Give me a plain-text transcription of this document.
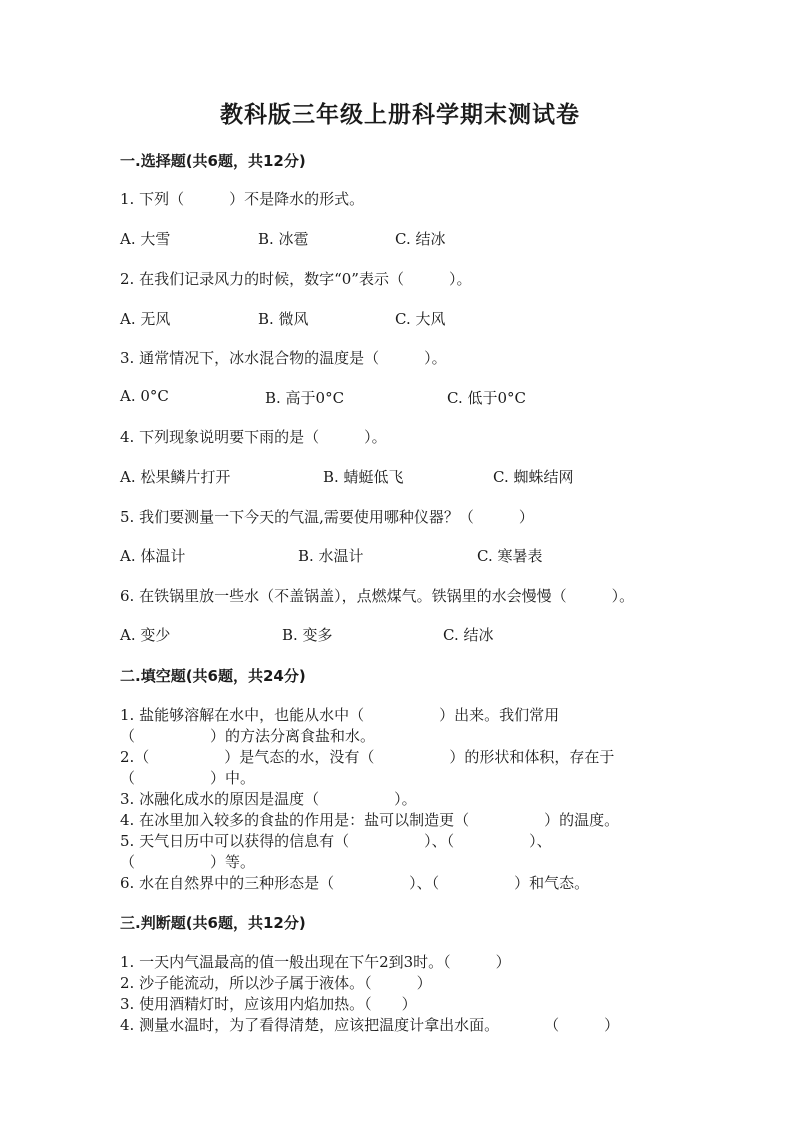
教科版三年级上册科学期末测试卷
一.选择题(共6题，共12分)
1. 下列（　　　）不是降水的形式。
A. 大雪	B. 冰雹	C. 结冰
2. 在我们记录风力的时候，数字“0”表示（　　　）。
A. 无风	B. 微风	C. 大风
3. 通常情况下，冰水混合物的温度是（　　　）。
A. 0°C	B. 高于0°C	C. 低于0°C
4. 下列现象说明要下雨的是（　　　）。
A. 松果鳞片打开	B. 蜻蜓低飞	C. 蜘蛛结网
5. 我们要测量一下今天的气温,需要使用哪种仪器？（　　　）
A. 体温计	B. 水温计	C. 寒暑表
6. 在铁锅里放一些水（不盖锅盖），点燃煤气。铁锅里的水会慢慢（　　　）。
A. 变少	B. 变多	C. 结冰
二.填空题(共6题，共24分)
1. 盐能够溶解在水中，也能从水中（　　　　　）出来。我们常用
（　　　　　）的方法分离食盐和水。
2.（　　　　　）是气态的水，没有（　　　　　）的形状和体积，存在于
（　　　　　）中。
3. 冰融化成水的原因是温度（　　　　　）。
4. 在冰里加入较多的食盐的作用是：盐可以制造更（　　　　　）的温度。
5. 天气日历中可以获得的信息有（　　　　　）、（　　　　　）、
（　　　　　）等。
6. 水在自然界中的三种形态是（　　　　　）、（　　　　　）和气态。
三.判断题(共6题，共12分)
1. 一天内气温最高的值一般出现在下午2到3时。（　　　）
2. 沙子能流动，所以沙子属于液体。（　　　）
3. 使用酒精灯时，应该用内焰加热。（　　）
4. 测量水温时，为了看得清楚，应该把温度计拿出水面。　　　　（　　　）
